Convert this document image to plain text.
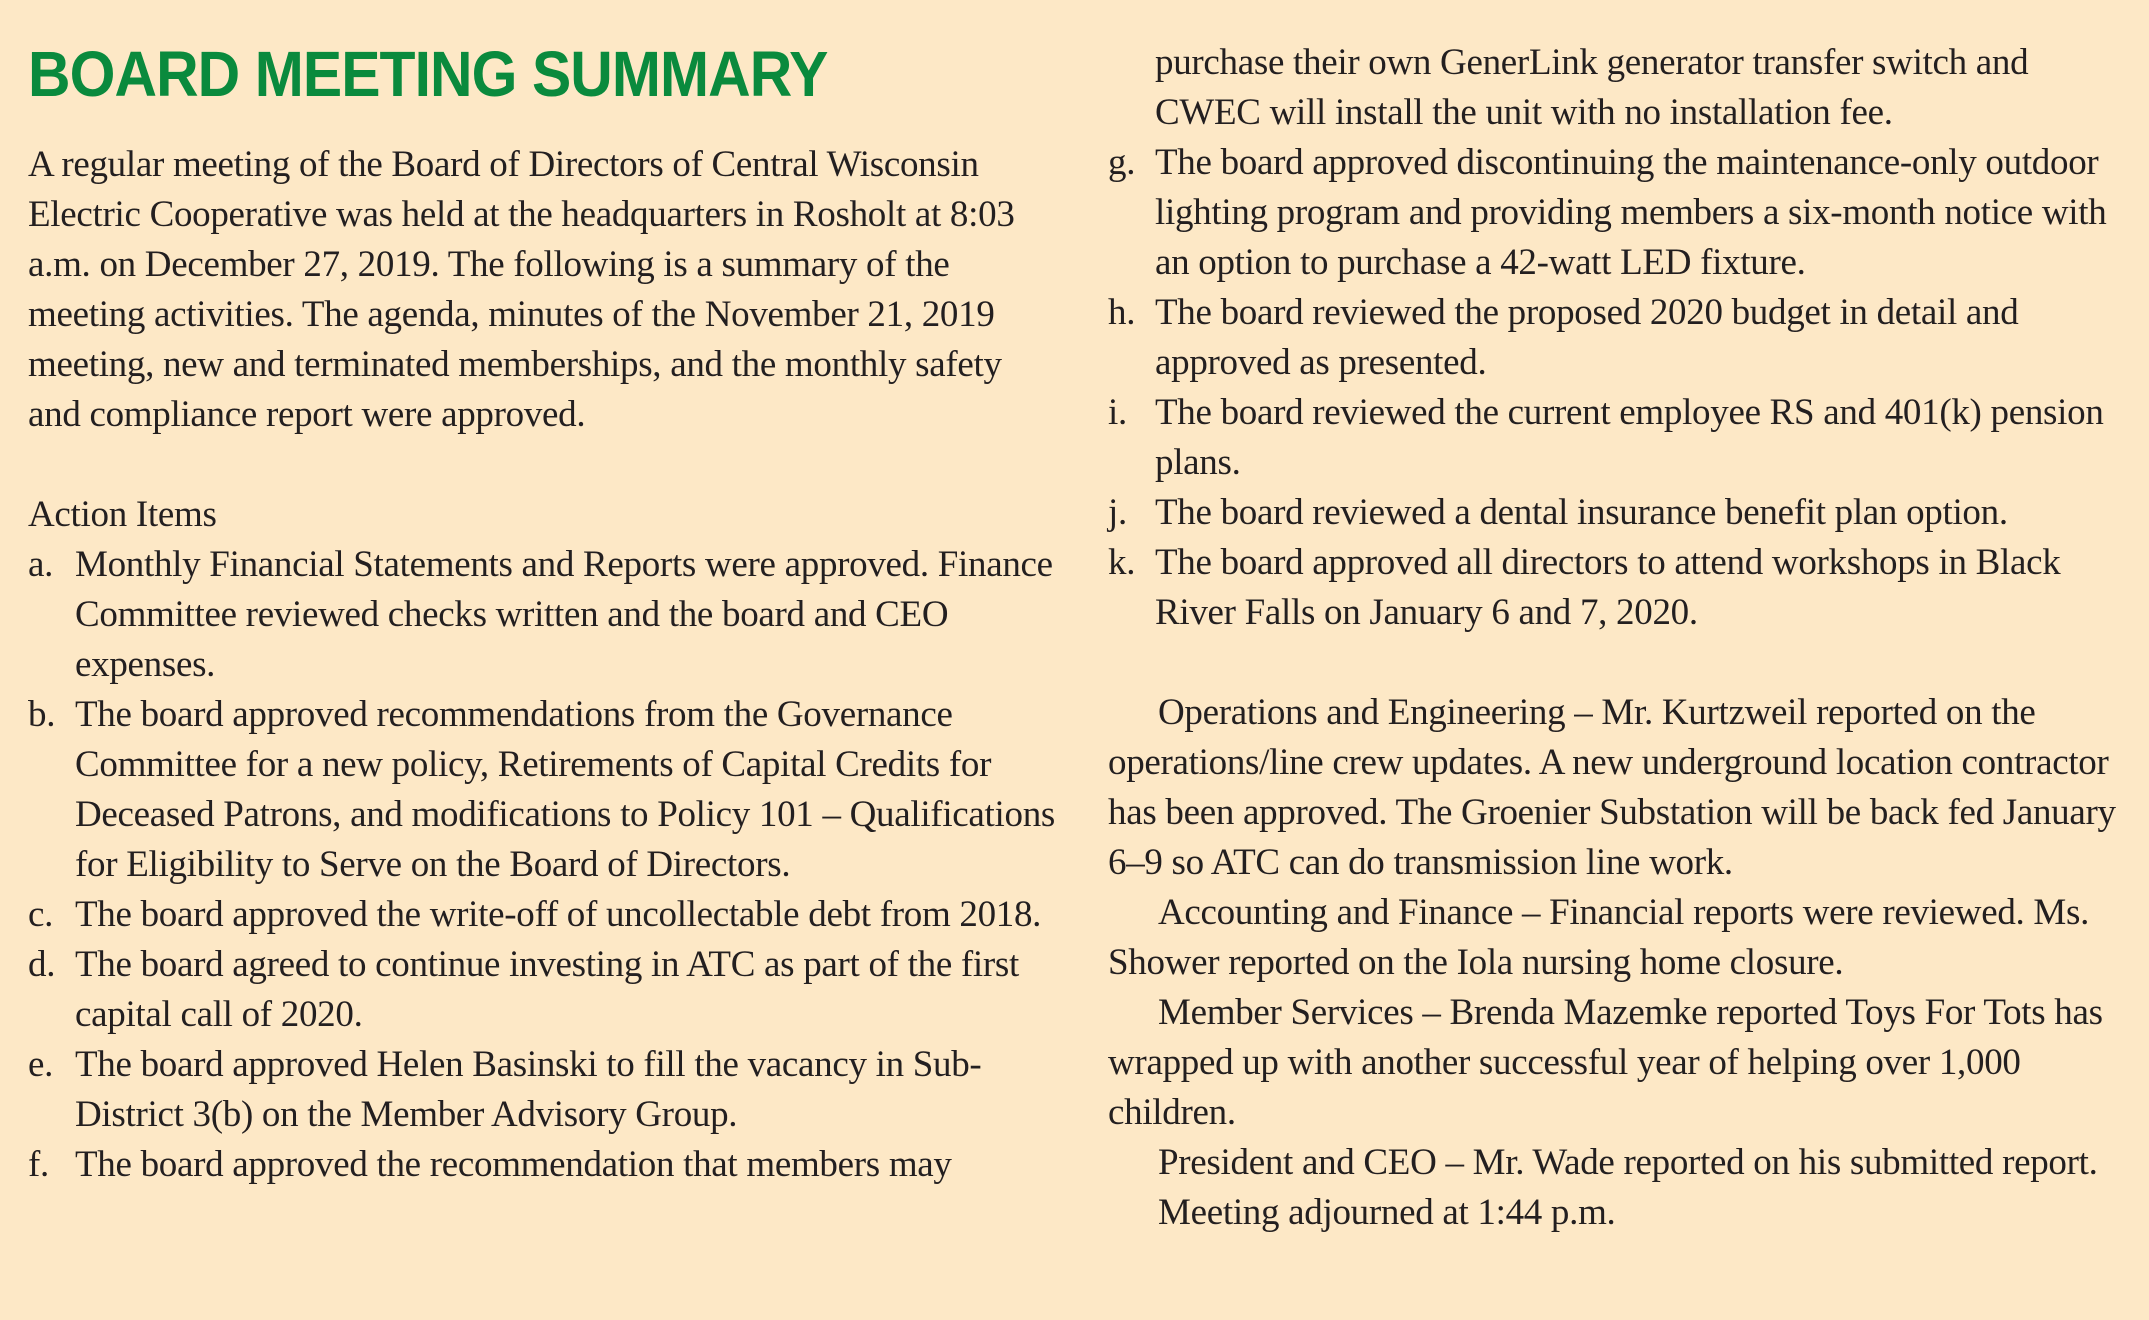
BOARD MEETING SUMMARY

A regular meeting of the Board of Directors of Central Wisconsin Electric Cooperative was held at the headquarters in Rosholt at 8:03 a.m. on December 27, 2019. The following is a summary of the meeting activities. The agenda, minutes of the November 21, 2019 meeting, new and terminated memberships, and the monthly safety and compliance report were approved.

Action Items

a. Monthly Financial Statements and Reports were approved. Finance Committee reviewed checks written and the board and CEO expenses.
b. The board approved recommendations from the Governance Committee for a new policy, Retirements of Capital Credits for Deceased Patrons, and modifications to Policy 101 – Qualifications for Eligibility to Serve on the Board of Directors.
c. The board approved the write-off of uncollectable debt from 2018.
d. The board agreed to continue investing in ATC as part of the first capital call of 2020.
e. The board approved Helen Basinski to fill the vacancy in Sub-District 3(b) on the Member Advisory Group.
f. The board approved the recommendation that members may

purchase their own GenerLink generator transfer switch and CWEC will install the unit with no installation fee.

g. The board approved discontinuing the maintenance-only outdoor lighting program and providing members a six-month notice with an option to purchase a 42-watt LED fixture.
h. The board reviewed the proposed 2020 budget in detail and approved as presented.
i. The board reviewed the current employee RS and 401(k) pension plans.
j. The board reviewed a dental insurance benefit plan option.
k. The board approved all directors to attend workshops in Black River Falls on January 6 and 7, 2020.

Operations and Engineering – Mr. Kurtzweil reported on the operations/line crew updates. A new underground location contractor has been approved. The Groenier Substation will be back fed January 6–9 so ATC can do transmission line work.

Accounting and Finance – Financial reports were reviewed. Ms. Shower reported on the Iola nursing home closure.

Member Services – Brenda Mazemke reported Toys For Tots has wrapped up with another successful year of helping over 1,000 children.

President and CEO – Mr. Wade reported on his submitted report.

Meeting adjourned at 1:44 p.m.
